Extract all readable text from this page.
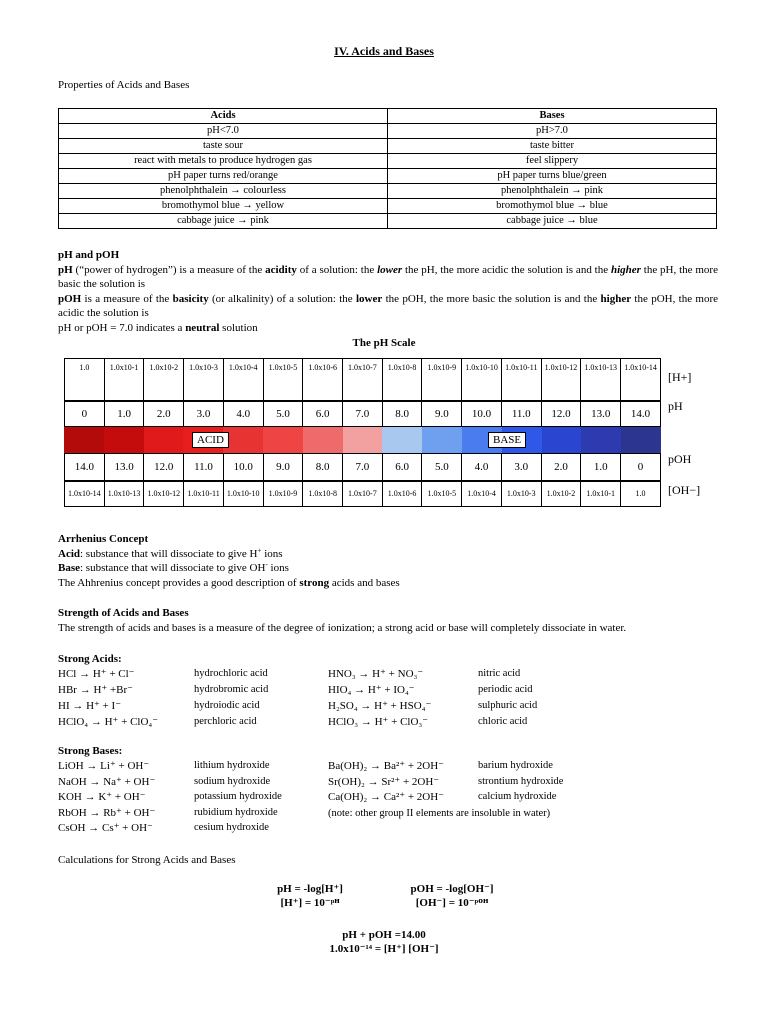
IV. Acids and Bases
Properties of Acids and Bases
Acids	Bases
pH<7.0	pH>7.0
taste sour	taste bitter
react with metals to produce hydrogen gas	feel slippery
pH paper turns red/orange	pH paper turns blue/green
phenolphthalein → colourless	phenolphthalein → pink
bromothymol blue → yellow	bromothymol blue → blue
cabbage juice → pink	cabbage juice → blue
pH and pOH
pH (“power of hydrogen”) is a measure of the acidity of a solution: the lower the pH, the more acidic the solution is and the higher the pH, the more basic the solution is
pOH is a measure of the basicity (or alkalinity) of a solution: the lower the pOH, the more basic the solution is and the higher the pOH, the more acidic the solution is
pH or pOH = 7.0 indicates a neutral solution
The pH Scale
1.0	1.0x10-1	1.0x10-2	1.0x10-3	1.0x10-4	1.0x10-5	1.0x10-6	1.0x10-7	1.0x10-8	1.0x10-9	1.0x10-10	1.0x10-11	1.0x10-12	1.0x10-13	1.0x10-14
0	1.0	2.0	3.0	4.0	5.0	6.0	7.0	8.0	9.0	10.0	11.0	12.0	13.0	14.0
ACID	BASE
14.0	13.0	12.0	11.0	10.0	9.0	8.0	7.0	6.0	5.0	4.0	3.0	2.0	1.0	0
1.0x10-14	1.0x10-13	1.0x10-12	1.0x10-11	1.0x10-10	1.0x10-9	1.0x10-8	1.0x10-7	1.0x10-6	1.0x10-5	1.0x10-4	1.0x10-3	1.0x10-2	1.0x10-1	1.0
[H+]
pH
pOH
[OH−]
Arrhenius Concept
Acid: substance that will dissociate to give H+ ions
Base: substance that will dissociate to give OH- ions
The Ahhrenius concept provides a good description of strong acids and bases
Strength of Acids and Bases
The strength of acids and bases is a measure of the degree of ionization; a strong acid or base will completely dissociate in water.
Strong Acids:
HCl → H⁺ + Cl⁻	hydrochloric acid
HBr → H⁺ +Br⁻	hydrobromic acid
HI → H⁺ + I⁻	hydroiodic acid
HClO₄ → H⁺ + ClO₄⁻	perchloric acid
HNO₃ → H⁺ + NO₃⁻	nitric acid
HIO₄ → H⁺ + IO₄⁻	periodic acid
H₂SO₄ → H⁺ + HSO₄⁻	sulphuric acid
HClO₃ → H⁺ + ClO₃⁻	chloric acid
Strong Bases:
LiOH → Li⁺ + OH⁻	lithium hydroxide
NaOH → Na⁺ + OH⁻	sodium hydroxide
KOH → K⁺ + OH⁻	potassium hydroxide
RbOH → Rb⁺ + OH⁻	rubidium hydroxide
CsOH → Cs⁺ + OH⁻	cesium hydroxide
Ba(OH)₂ → Ba²⁺ + 2OH⁻	barium hydroxide
Sr(OH)₂ → Sr²⁺ + 2OH⁻	strontium hydroxide
Ca(OH)₂ → Ca²⁺ + 2OH⁻	calcium hydroxide
(note: other group II elements are insoluble in water)
Calculations for Strong Acids and Bases
pH = -log[H⁺]
[H⁺] = 10⁻ᵖᴴ
pOH = -log[OH⁻]
[OH⁻] = 10⁻ᵖᴼᴴ
pH + pOH =14.00
1.0x10⁻¹⁴ = [H⁺] [OH⁻]
